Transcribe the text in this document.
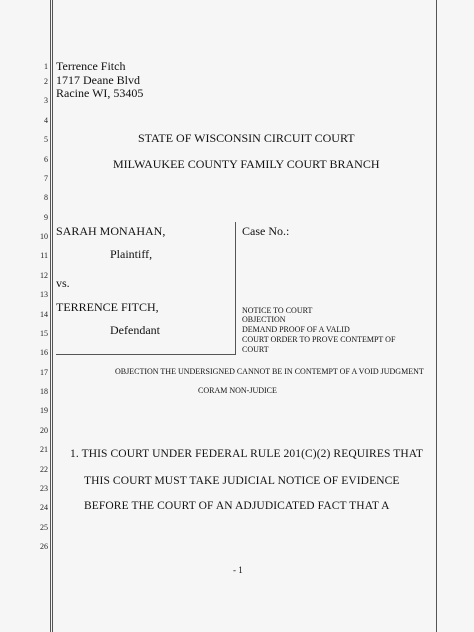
1
2
3
4
5
6
7
8
9
10
11
12
13
14
15
16
17
18
19
20
21
22
23
24
25
26
Terrence Fitch
1717 Deane Blvd
Racine WI, 53405
STATE OF WISCONSIN CIRCUIT COURT
MILWAUKEE COUNTY FAMILY COURT BRANCH
SARAH MONAHAN,
Plaintiff,
vs.
TERRENCE FITCH,
Defendant
Case No.:
NOTICE TO COURT
OBJECTION
DEMAND PROOF OF A VALID
COURT ORDER TO PROVE CONTEMPT OF
COURT
OBJECTION THE UNDERSIGNED CANNOT BE IN CONTEMPT OF A VOID JUDGMENT
CORAM NON-JUDICE
1. THIS COURT UNDER FEDERAL RULE 201(C)(2) REQUIRES THAT
THIS COURT MUST TAKE JUDICIAL NOTICE OF EVIDENCE
BEFORE THE COURT OF AN ADJUDICATED FACT THAT A
- 1
